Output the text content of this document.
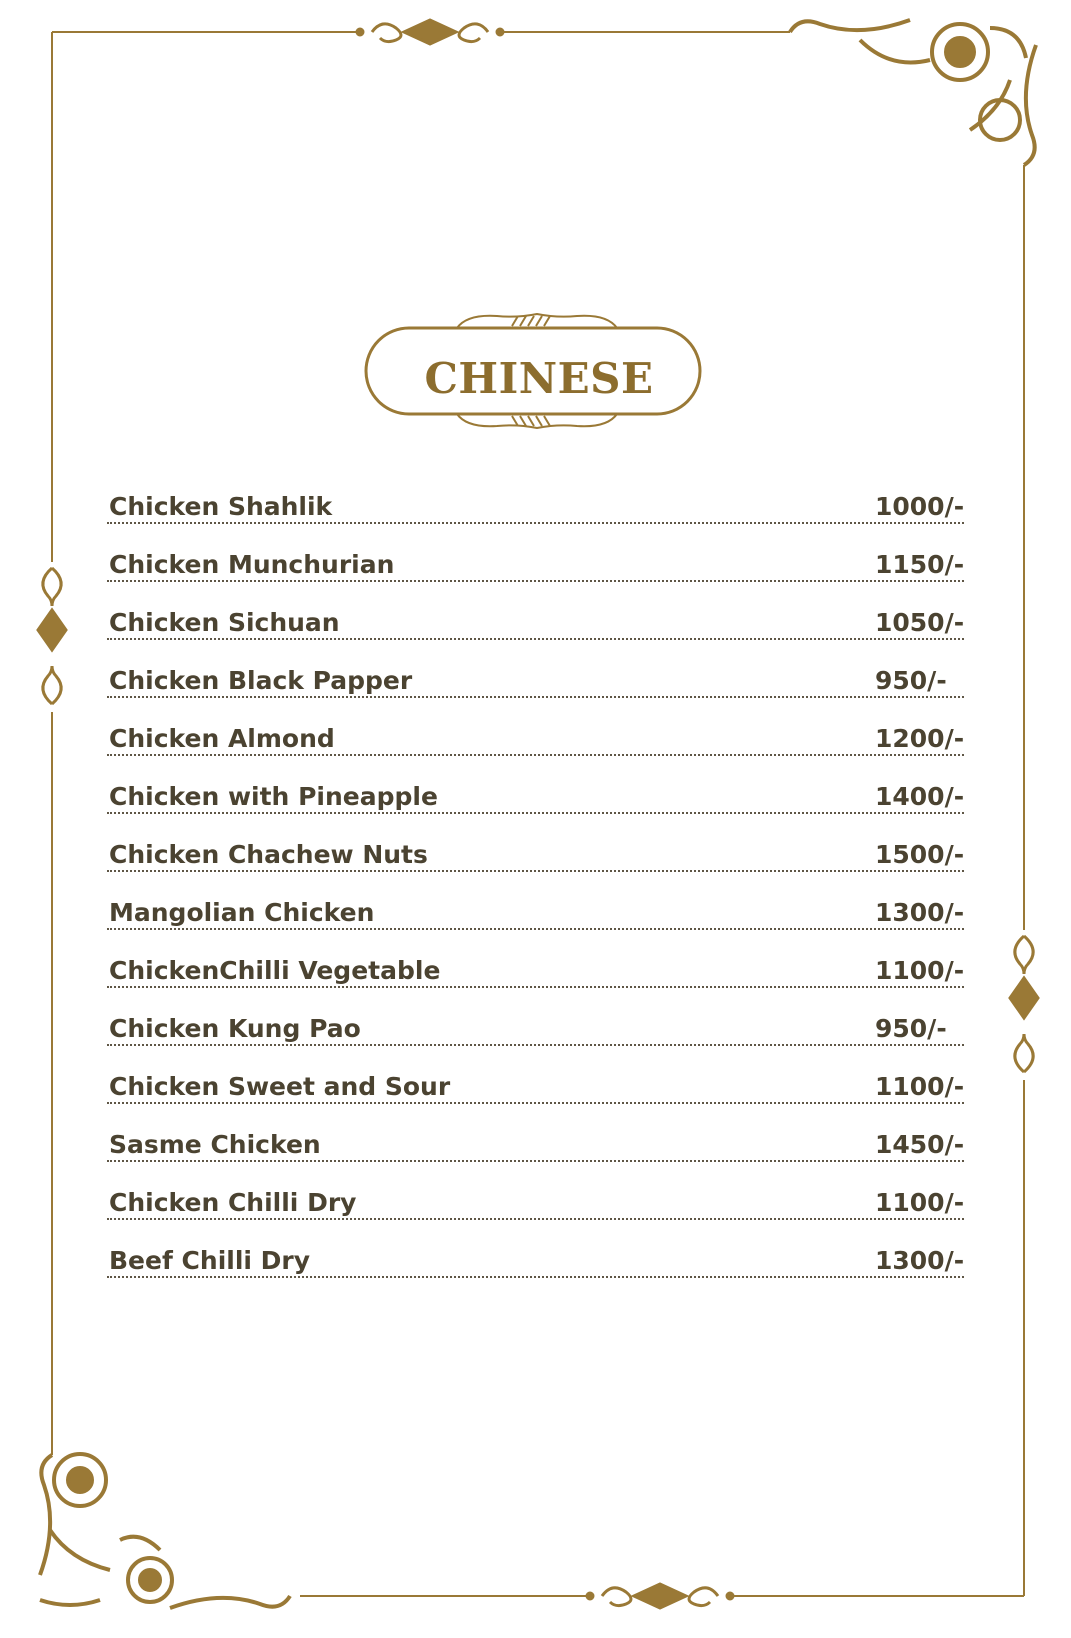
CHINESE
Chicken Shahlik	1000/-
Chicken Munchurian	1150/-
Chicken Sichuan	1050/-
Chicken Black Papper	950/-
Chicken Almond	1200/-
Chicken with Pineapple	1400/-
Chicken Chachew Nuts	1500/-
Mangolian Chicken	1300/-
ChickenChilli Vegetable	1100/-
Chicken Kung Pao	950/-
Chicken Sweet and Sour	1100/-
Sasme Chicken	1450/-
Chicken Chilli Dry	1100/-
Beef Chilli Dry	1300/-
